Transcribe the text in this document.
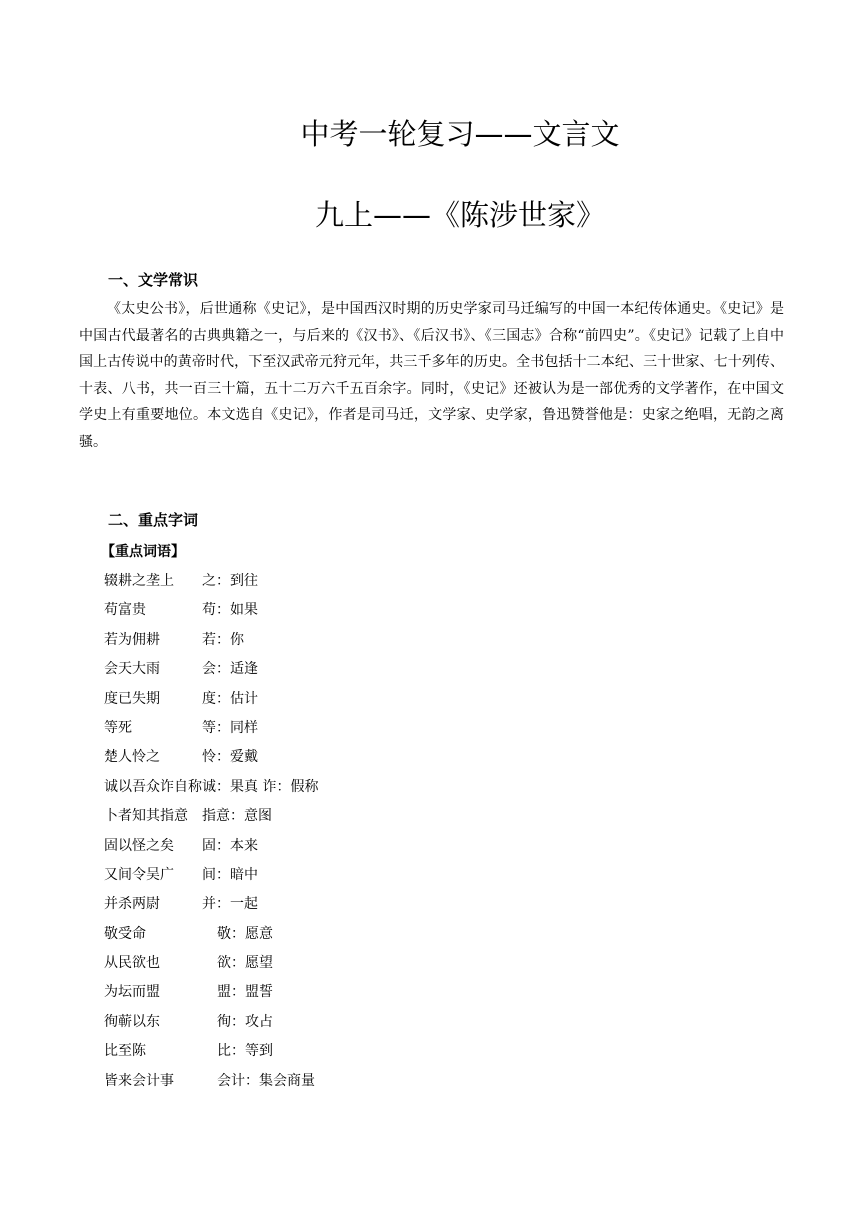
中考一轮复习——文言文
九上——《陈涉世家》
一、文学常识

《太史公书》，后世通称《史记》，是中国西汉时期的历史学家司马迁编写的中国一本纪传体通史。《史记》是中国古代最著名的古典典籍之一，与后来的《汉书》、《后汉书》、《三国志》合称“前四史”。《史记》记载了上自中国上古传说中的黄帝时代，下至汉武帝元狩元年，共三千多年的历史。全书包括十二本纪、三十世家、七十列传、十表、八书，共一百三十篇，五十二万六千五百余字。同时，《史记》还被认为是一部优秀的文学著作，在中国文学史上有重要地位。本文选自《史记》，作者是司马迁，文学家、史学家，鲁迅赞誉他是：史家之绝唱，无韵之离骚。

二、重点字词

【重点词语】

辍耕之垄上 之：到往
苟富贵	苟：如果
若为佣耕	若：你
会天大雨	会：适逢
度已失期	度：估计
等死	等：同样
楚人怜之	怜：爱戴
诚以吾众诈自称 诚：果真 诈：假称
卜者知其指意 指意：意图
固以怪之矣 固：本来
又间令吴广 间：暗中
并杀两尉	并：一起
敬受命	敬：愿意
从民欲也	欲：愿望
为坛而盟	盟：盟誓
徇蕲以东	徇：攻占
比至陈	比：等到
皆来会计事	会计：集会商量
